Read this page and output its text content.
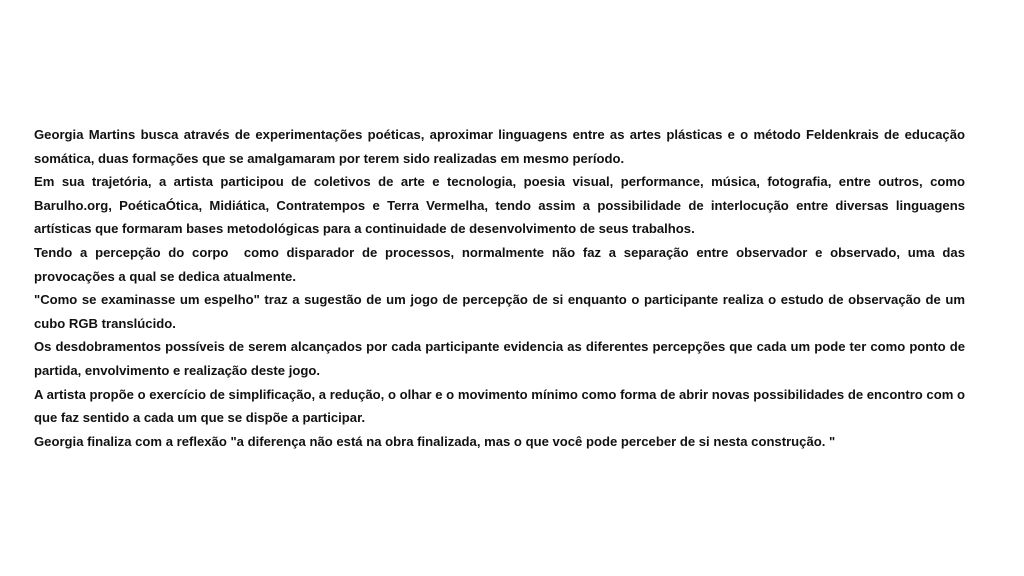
Georgia Martins busca através de experimentações poéticas, aproximar linguagens entre as artes plásticas e o método Feldenkrais de educação somática, duas formações que se amalgamaram por terem sido realizadas em mesmo período.

Em sua trajetória, a artista participou de coletivos de arte e tecnologia, poesia visual, performance, música, fotografia, entre outros, como Barulho.org, PoéticaÓtica, Midiática, Contratempos e Terra Vermelha, tendo assim a possibilidade de interlocução entre diversas linguagens artísticas que formaram bases metodológicas para a continuidade de desenvolvimento de seus trabalhos.

Tendo a percepção do corpo  como disparador de processos, normalmente não faz a separação entre observador e observado, uma das provocações a qual se dedica atualmente.

"Como se examinasse um espelho" traz a sugestão de um jogo de percepção de si enquanto o participante realiza o estudo de observação de um cubo RGB translúcido.

Os desdobramentos possíveis de serem alcançados por cada participante evidencia as diferentes percepções que cada um pode ter como ponto de partida, envolvimento e realização deste jogo.

A artista propõe o exercício de simplificação, a redução, o olhar e o movimento mínimo como forma de abrir novas possibilidades de encontro com o que faz sentido a cada um que se dispõe a participar.

Georgia finaliza com a reflexão "a diferença não está na obra finalizada, mas o que você pode perceber de si nesta construção. "
